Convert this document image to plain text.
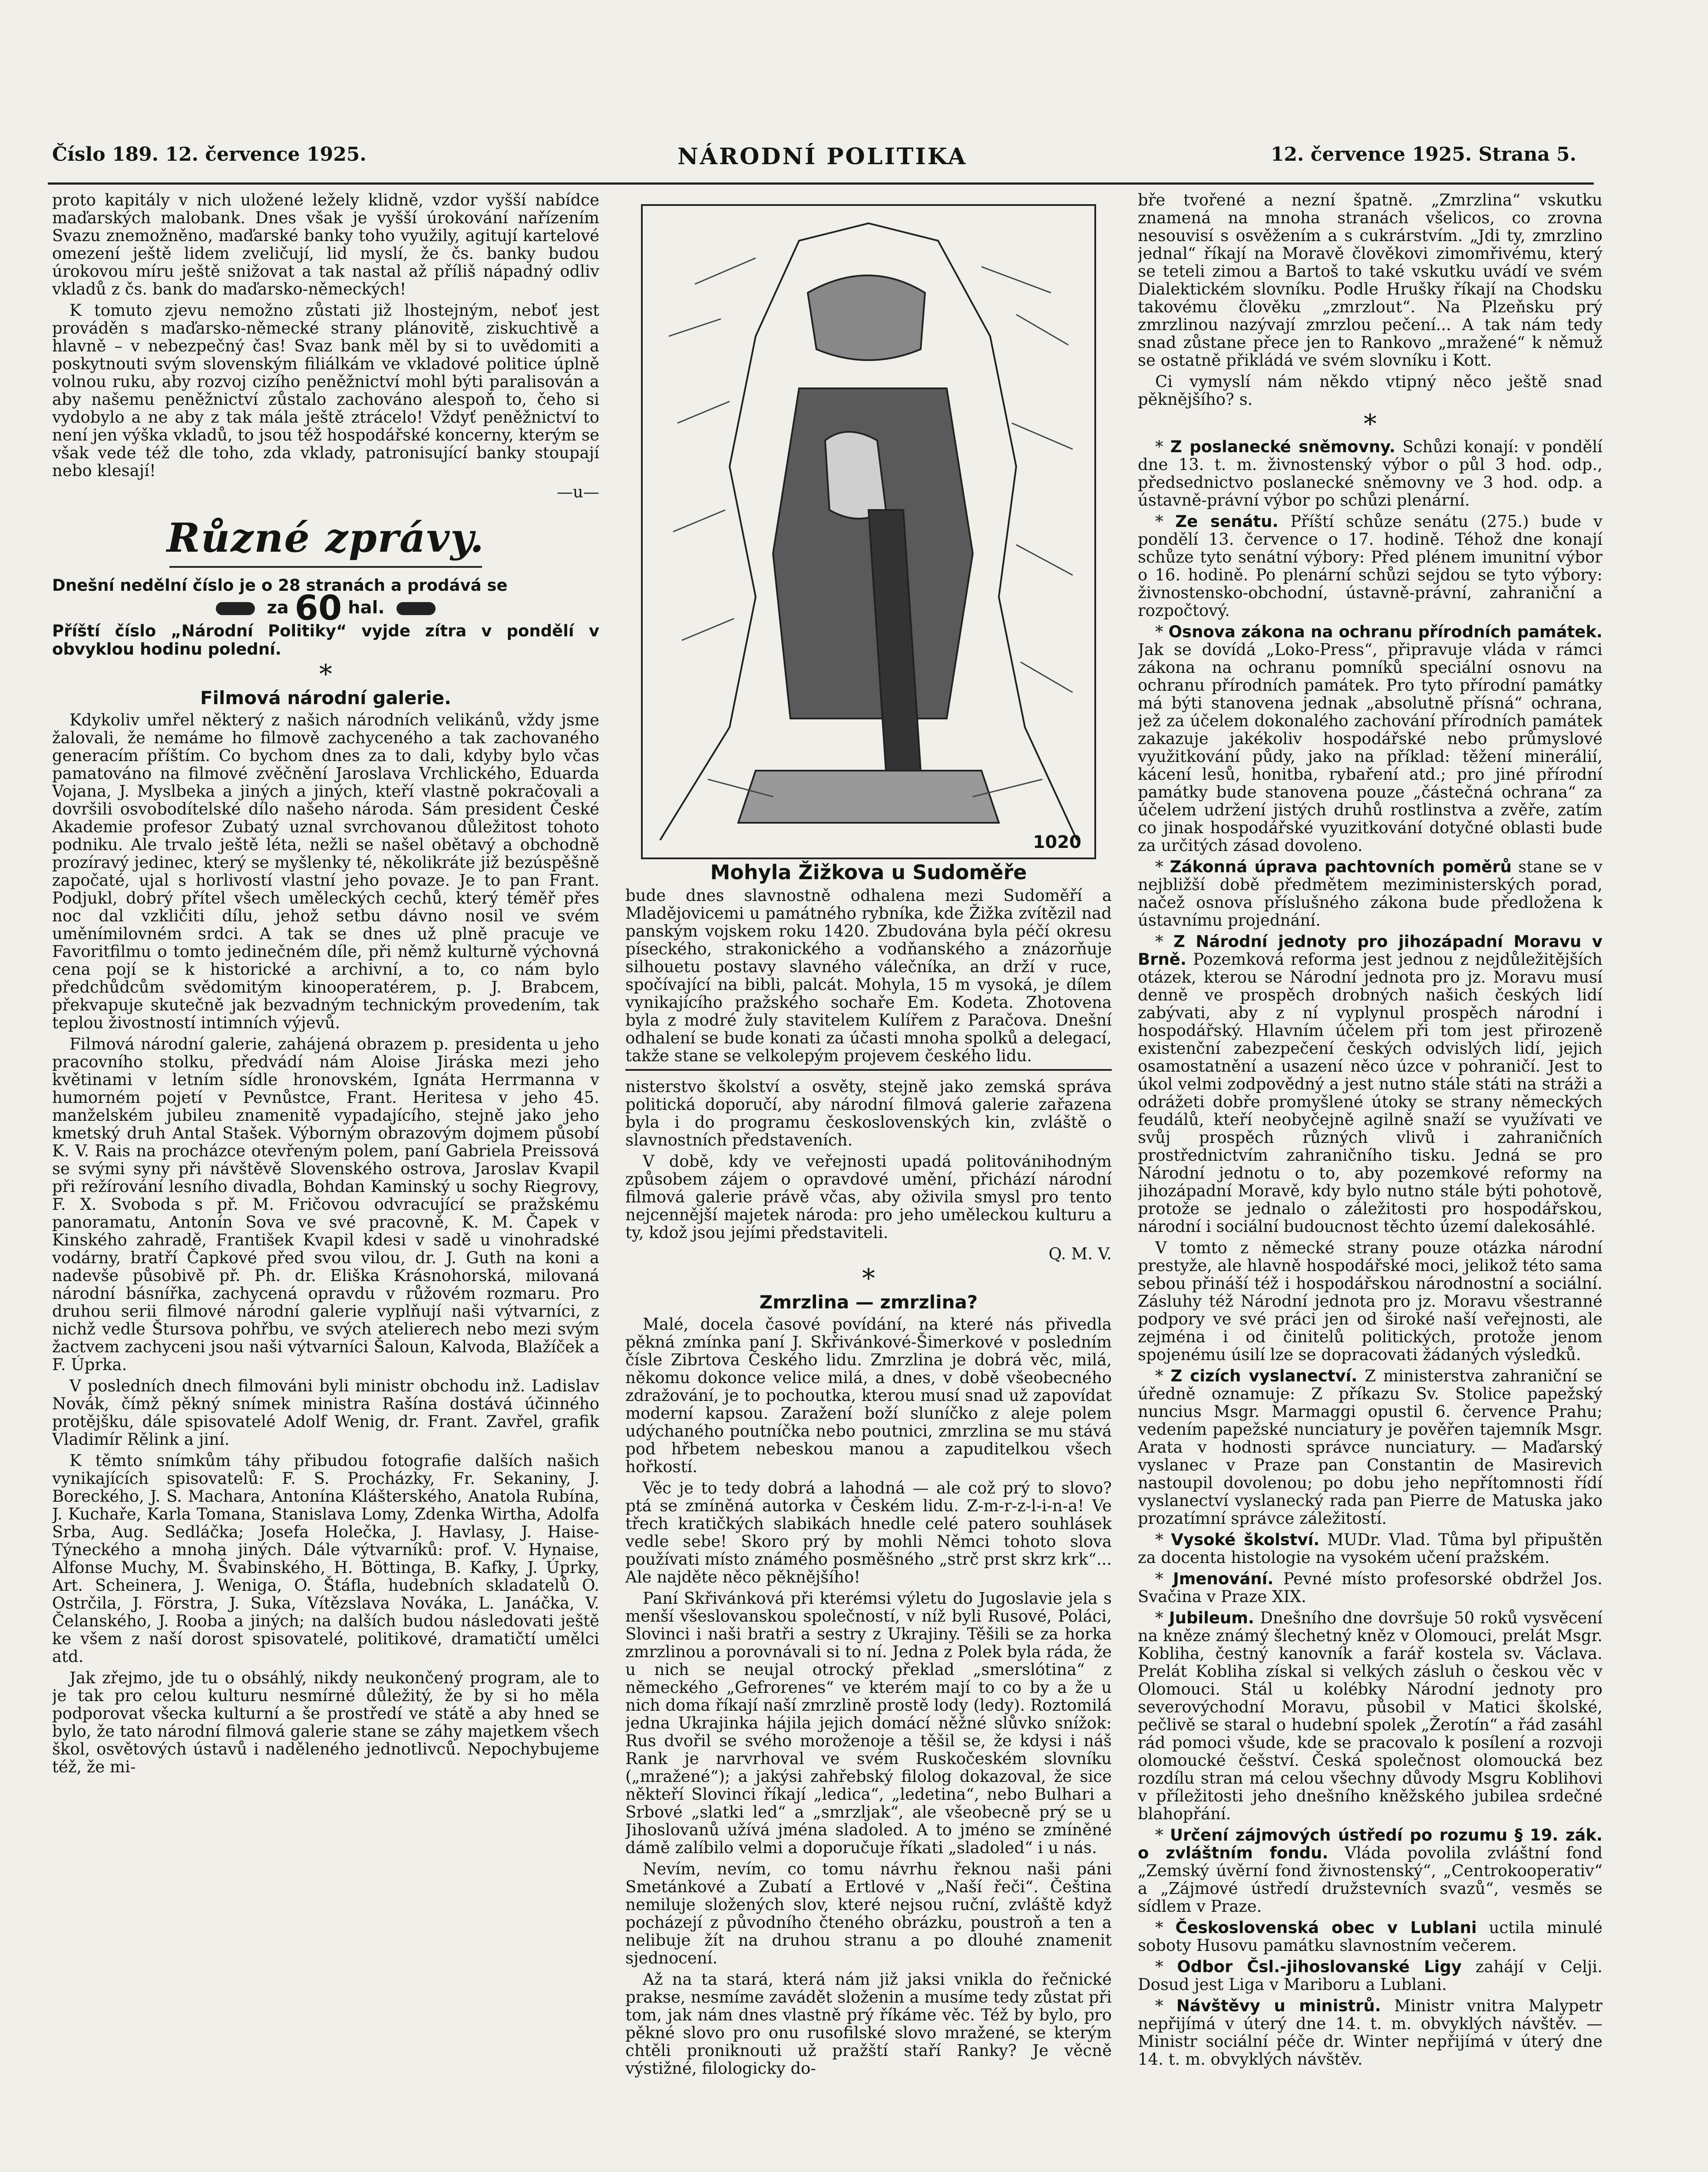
Číslo 189. 12. července 1925.	NÁRODNÍ POLITIKA	12. července 1925. Strana 5.

proto kapitály v nich uložené ležely klidně, vzdor vyšší nabídce maďarských malobank. Dnes však je vyšší úrokování nařízením Svazu znemožněno, maďarské banky toho využily, agitují kartelové omezení ještě lidem zveličují, lid myslí, že čs. banky budou úrokovou míru ještě snižovat a tak nastal až příliš nápadný odliv vkladů z čs. bank do maďarsko-německých!

K tomuto zjevu nemožno zůstati již lhostejným, neboť jest prováděn s maďarsko-německé strany plánovitě, ziskuchtivě a hlavně – v nebezpečný čas! Svaz bank měl by si to uvědomiti a poskytnouti svým slovenským filiálkám ve vkladové politice úplně volnou ruku, aby rozvoj cizího peněžnictví mohl býti paralisován a aby našemu peněžnictví zůstalo zachováno alespoň to, čeho si vydobylo a ne aby z tak mála ještě ztrácelo! Vždyť peněžnictví to není jen výška vkladů, to jsou též hospodářské koncerny, kterým se však vede též dle toho, zda vklady, patronisující banky stoupají nebo klesají!

—u—

Různé zprávy.

Dnešní nedělní číslo je o 28 stranách a prodává se

za 60 hal.

Příští číslo „Národní Politiky“ vyjde zítra v pondělí v obvyklou hodinu polední.

*

Filmová národní galerie.

Kdykoliv umřel některý z našich národních velikánů, vždy jsme žalovali, že nemáme ho filmově zachyceného a tak zachovaného generacím příštím. Co bychom dnes za to dali, kdyby bylo včas pamatováno na filmové zvěčnění Jaroslava Vrchlického, Eduarda Vojana, J. Myslbeka a jiných a jiných, kteří vlastně pokračovali a dovršili osvobodítelské dílo našeho národa. Sám president České Akademie profesor Zubatý uznal svrchovanou důležitost tohoto podniku. Ale trvalo ještě léta, nežli se našel obětavý a obchodně prozíravý jedinec, který se myšlenky té, několikráte již bezúspěšně započaté, ujal s horlivostí vlastní jeho povaze. Je to pan Frant. Podjukl, dobrý přítel všech uměleckých cechů, který téměř přes noc dal vzkličiti dílu, jehož setbu dávno nosil ve svém uměnímilovném srdci. A tak se dnes už plně pracuje ve Favoritfilmu o tomto jedinečném díle, při němž kulturně výchovná cena pojí se k historické a archivní, a to, co nám bylo předchůdcům svědomitým kinooperatérem, p. J. Brabcem, překvapuje skutečně jak bezvadným technickým provedením, tak teplou živostností intimních výjevů.

Filmová národní galerie, zahájená obrazem p. presidenta u jeho pracovního stolku, předvádí nám Aloise Jiráska mezi jeho květinami v letním sídle hronovském, Ignáta Herrmanna v humorném pojetí v Pevnůstce, Frant. Heritesa v jeho 45. manželském jubileu znamenitě vypadajícího, stejně jako jeho kmetský druh Antal Stašek. Výborným obrazovým dojmem působí K. V. Rais na procházce otevřeným polem, paní Gabriela Preissová se svými syny při návštěvě Slovenského ostrova, Jaroslav Kvapil při režírování lesního divadla, Bohdan Kaminský u sochy Riegrovy, F. X. Svoboda s př. M. Fričovou odvracující se pražskému panoramatu, Antonín Sova ve své pracovně, K. M. Čapek v Kinského zahradě, František Kvapil kdesi v sadě u vinohradské vodárny, bratří Čapkové před svou vilou, dr. J. Guth na koni a nadevše působivě př. Ph. dr. Eliška Krásnohorská, milovaná národní básnířka, zachycená opravdu v růžovém rozmaru. Pro druhou serii filmové národní galerie vyplňují naši výtvarníci, z nichž vedle Štursova pohřbu, ve svých atelierech nebo mezi svým žactvem zachyceni jsou naši výtvarníci Šaloun, Kalvoda, Blažíček a F. Úprka.

V posledních dnech filmováni byli ministr obchodu inž. Ladislav Novák, čímž pěkný snímek ministra Rašína dostává účinného protějšku, dále spisovatelé Adolf Wenig, dr. Frant. Zavřel, grafik Vladimír Rělink a jiní.

K těmto snímkům táhy přibudou fotografie dalších našich vynikajících spisovatelů: F. S. Procházky, Fr. Sekaniny, J. Boreckého, J. S. Machara, Antonína Klášterského, Anatola Rubína, J. Kuchaře, Karla Tomana, Stanislava Lomy, Zdenka Wirtha, Adolfa Srba, Aug. Sedláčka; Josefa Holečka, J. Havlasy, J. Haise-Týneckého a mnoha jiných. Dále výtvarníků: prof. V. Hynaise, Alfonse Muchy, M. Švabinského, H. Böttinga, B. Kafky, J. Úprky, Art. Scheinera, J. Weniga, O. Štáfla, hudebních skladatelů O. Ostrčila, J. Förstra, J. Suka, Vítězslava Nováka, L. Janáčka, V. Čelanského, J. Rooba a jiných; na dalších budou následovati ještě ke všem z naší dorost spisovatelé, politikové, dramatičtí umělci atd.

Jak zřejmo, jde tu o obsáhlý, nikdy neukončený program, ale to je tak pro celou kulturu nesmírné důležitý, že by si ho měla podporovat všecka kulturní a še prostředí ve státě a aby hned se bylo, že tato národní filmová galerie stane se záhy majetkem všech škol, osvětových ústavů i naděleného jednotlivců. Nepochybujeme též, že mi-

1020

Mohyla Žižkova u Sudoměře

bude dnes slavnostně odhalena mezi Sudoměří a Mladějovicemi u památného rybníka, kde Žižka zvítězil nad panským vojskem roku 1420. Zbudována byla péčí okresu píseckého, strakonického a vodňanského a znázorňuje silhouetu postavy slavného válečníka, an drží v ruce, spočívající na bibli, palcát. Mohyla, 15 m vysoká, je dílem vynikajícího pražského sochaře Em. Kodeta. Zhotovena byla z modré žuly stavitelem Kulířem z Paračova. Dnešní odhalení se bude konati za účasti mnoha spolků a delegací, takže stane se velkolepým projevem českého lidu.

nisterstvo školství a osvěty, stejně jako zemská správa politická doporučí, aby národní filmová galerie zařazena byla i do programu československých kin, zvláště o slavnostních představeních.

V době, kdy ve veřejnosti upadá politovánihodným způsobem zájem o opravdové umění, přichází národní filmová galerie právě včas, aby oživila smysl pro tento nejcennější majetek národa: pro jeho uměleckou kulturu a ty, kdož jsou jejími představiteli.

Q. M. V.

*

Zmrzlina — zmrzlina?

Malé, docela časové povídání, na které nás přivedla pěkná zmínka paní J. Skřivánkové-Šimerkové v posledním čísle Zibrtova Českého lidu. Zmrzlina je dobrá věc, milá, někomu dokonce velice milá, a dnes, v době všeobecného zdražování, je to pochoutka, kterou musí snad už zapovídat moderní kapsou. Zaražení boží sluníčko z aleje polem udýchaného poutníčka nebo poutnici, zmrzlina se mu stává pod hřbetem nebeskou manou a zapuditelkou všech hořkostí.

Věc je to tedy dobrá a lahodná — ale což prý to slovo? ptá se zmíněná autorka v Českém lidu. Z-m-r-z-l-i-n-a! Ve třech kratičkých slabikách hnedle celé patero souhlásek vedle sebe! Skoro prý by mohli Němci tohoto slova používati místo známého posměšného „strč prst skrz krk“... Ale najděte něco pěknějšího!

Paní Skřivánková při kterémsi výletu do Jugoslavie jela s menší všeslovanskou společností, v níž byli Rusové, Poláci, Slovinci i naši bratři a sestry z Ukrajiny. Těšili se za horka zmrzlinou a porovnávali si to ní. Jedna z Polek byla ráda, že u nich se neujal otrocký překlad „smerslótina“ z německého „Gefrorenes“ ve kterém mají to co by a že u nich doma říkají naší zmrzlině prostě lody (ledy). Roztomilá jedna Ukrajinka hájila jejich domácí něžné slůvko snížok: Rus dvořil se svého moroženoje a těšil se, že kdysi i náš Rank je narvrhoval ve svém Ruskočeském slovníku („mražené“); a jakýsi zahřebský filolog dokazoval, že sice někteří Slovinci říkají „ledica“, „ledetina“, nebo Bulhari a Srbové „slatki led“ a „smrzljak“, ale všeobecně prý se u Jihoslovanů užívá jména sladoled. A to jméno se zmíněné dámě zalíbilo velmi a doporučuje říkati „sladoled“ i u nás.

Nevím, nevím, co tomu návrhu řeknou naši páni Smetánkové a Zubatí a Ertlové v „Naší řeči“. Čeština nemiluje složených slov, které nejsou ruční, zvláště když pocházejí z původního čteného obrázku, poustroň a ten a nelibuje žít na druhou stranu a po dlouhé znamenit sjednocení.

Až na ta stará, která nám již jaksi vnikla do řečnické prakse, nesmíme zavádět složenin a musíme tedy zůstat při tom, jak nám dnes vlastně prý říkáme věc. Též by bylo, pro pěkné slovo pro onu rusofilské slovo mražené, se kterým chtěli proniknouti už pražští staří Ranky? Je věcně výstižné, filologicky do-

bře tvořené a nezní špatně. „Zmrzlina“ vskutku znamená na mnoha stranách všelicos, co zrovna nesouvisí s osvěžením a s cukrárstvím. „Jdi ty, zmrzlino jednal“ říkají na Moravě člověkovi zimomřivému, který se teteli zimou a Bartoš to také vskutku uvádí ve svém Dialektickém slovníku. Podle Hrušky říkají na Chodsku takovému člověku „zmrzlout“. Na Plzeňsku prý zmrzlinou nazývají zmrzlou pečení... A tak nám tedy snad zůstane přece jen to Rankovo „mražené“ k němuž se ostatně přikládá ve svém slovníku i Kott.

Ci vymyslí nám někdo vtipný něco ještě snad pěknějšího? s.

*

* Z poslanecké sněmovny. Schůzi konají: v pondělí dne 13. t. m. živnostenský výbor o půl 3 hod. odp., předsednictvo poslanecké sněmovny ve 3 hod. odp. a ústavně-právní výbor po schůzi plenární.

* Ze senátu. Příští schůze senátu (275.) bude v pondělí 13. července o 17. hodině. Téhož dne konají schůze tyto senátní výbory: Před plénem imunitní výbor o 16. hodině. Po plenární schůzi sejdou se tyto výbory: živnostensko-obchodní, ústavně-právní, zahraniční a rozpočtový.

* Osnova zákona na ochranu přírodních památek. Jak se dovídá „Loko-Press“, připravuje vláda v rámci zákona na ochranu pomníků speciální osnovu na ochranu přírodních památek. Pro tyto přírodní památky má býti stanovena jednak „absolutně přísná“ ochrana, jež za účelem dokonalého zachování přírodních památek zakazuje jakékoliv hospodářské nebo průmyslové využitkování půdy, jako na příklad: těžení minerálií, kácení lesů, honitba, rybaření atd.; pro jiné přírodní památky bude stanovena pouze „částečná ochrana“ za účelem udržení jistých druhů rostlinstva a zvěře, zatím co jinak hospodářské vyuzitkování dotyčné oblasti bude za určitých zásad dovoleno.

* Zákonná úprava pachtovních poměrů stane se v nejbližší době předmětem meziministerských porad, načež osnova příslušného zákona bude předložena k ústavnímu projednání.

* Z Národní jednoty pro jihozápadní Moravu v Brně. Pozemková reforma jest jednou z nejdůležitějších otázek, kterou se Národní jednota pro jz. Moravu musí denně ve prospěch drobných našich českých lidí zabývati, aby z ní vyplynul prospěch národní i hospodářský. Hlavním účelem při tom jest přirozeně existenční zabezpečení českých odvislých lidí, jejich osamostatnění a usazení něco úzce v pohraničí. Jest to úkol velmi zodpovědný a jest nutno stále státi na stráži a odrážeti dobře promyšlené útoky se strany německých feudálů, kteří neobyčejně agilně snaží se využívati ve svůj prospěch různých vlivů i zahraničních prostřednictvím zahraničního tisku. Jedná se pro Národní jednotu o to, aby pozemkové reformy na jihozápadní Moravě, kdy bylo nutno stále býti pohotově, protože se jednalo o záležitosti pro hospodářskou, národní i sociální budoucnost těchto území dalekosáhlé.

V tomto z německé strany pouze otázka národní prestyže, ale hlavně hospodářské moci, jelikož této sama sebou přináší též i hospodářskou národnostní a sociální. Zásluhy též Národní jednota pro jz. Moravu všestranné podpory ve své práci jen od široké naší veřejnosti, ale zejména i od činitelů politických, protože jenom spojenému úsilí lze se dopracovati žádaných výsledků.

* Z cizích vyslanectví. Z ministerstva zahraniční se úředně oznamuje: Z příkazu Sv. Stolice papežský nuncius Msgr. Marmaggi opustil 6. července Prahu; vedením papežské nunciatury je pověřen tajemník Msgr. Arata v hodnosti správce nunciatury. — Maďarský vyslanec v Praze pan Constantin de Masirevich nastoupil dovolenou; po dobu jeho nepřítomnosti řídí vyslanectví vyslanecký rada pan Pierre de Matuska jako prozatímní správce záležitostí.

* Vysoké školství. MUDr. Vlad. Tůma byl připuštěn za docenta histologie na vysokém učení pražském.

* Jmenování. Pevné místo profesorské obdržel Jos. Svačina v Praze XIX.

* Jubileum. Dnešního dne dovršuje 50 roků vysvěcení na kněze známý šlechetný kněz v Olomouci, prelát Msgr. Kobliha, čestný kanovník a farář kostela sv. Václava. Prelát Kobliha získal si velkých zásluh o českou věc v Olomouci. Stál u kolébky Národní jednoty pro severovýchodní Moravu, působil v Matici školské, pečlivě se staral o hudební spolek „Žerotín“ a řád zasáhl rád pomoci všude, kde se pracovalo k posílení a rozvoji olomoucké češství. Česká společnost olomoucká bez rozdílu stran má celou všechny důvody Msgru Koblihovi v příležitosti jeho dnešního kněžského jubilea srdečné blahopřání.

* Určení zájmových ústředí po rozumu § 19. zák. o zvláštním fondu. Vláda povolila zvláštní fond „Zemský úvěrní fond živnostenský“, „Centrokooperativ“ a „Zájmové ústředí družstevních svazů“, vesměs se sídlem v Praze.

* Československá obec v Lublani uctila minulé soboty Husovu památku slavnostním večerem.

* Odbor Čsl.-jihoslovanské Ligy zahájí v Celji. Dosud jest Liga v Mariboru a Lublani.

* Návštěvy u ministrů. Ministr vnitra Malypetr nepřijímá v úterý dne 14. t. m. obvyklých návštěv. — Ministr sociální péče dr. Winter nepřijímá v úterý dne 14. t. m. obvyklých návštěv.
